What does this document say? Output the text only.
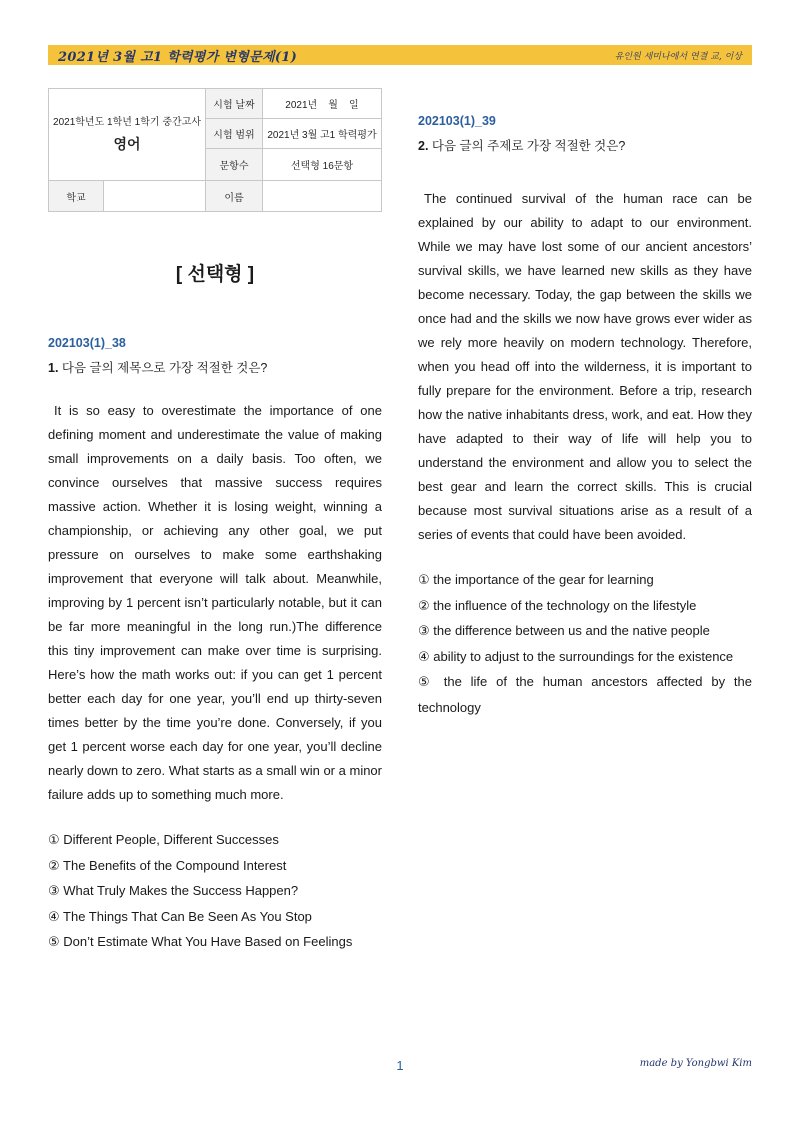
2021년 3월 고1 학력평가 변형문제(1)	유인원 세미나에서 연결 교, 이상
2021학년도 1학년 1학기 중간고사
영어	시험 날짜	2021년    월    일
	시험 범위	2021년 3월 고1 학력평가
	문항수	선택형 16문항

학교	이름	
[ 선택형 ]
202103(1)_38
1. 다음 글의 제목으로 가장 적절한 것은?
It is so easy to overestimate the importance of one defining moment and underestimate the value of making small improvements on a daily basis. Too often, we convince ourselves that massive success requires massive action. Whether it is losing weight, winning a championship, or achieving any other goal, we put pressure on ourselves to make some earthshaking improvement that everyone will talk about. Meanwhile, improving by 1 percent isn’t particularly notable, but it can be far more meaningful in the long run.)The difference this tiny improvement can make over time is surprising. Here’s how the math works out: if you can get 1 percent better each day for one year, you’ll end up thirty-seven times better by the time you’re done. Conversely, if you get 1 percent worse each day for one year, you’ll decline nearly down to zero. What starts as a small win or a minor failure adds up to something much more.
① Different People, Different Successes
② The Benefits of the Compound Interest
③ What Truly Makes the Success Happen?
④ The Things That Can Be Seen As You Stop
⑤ Don’t Estimate What You Have Based on Feelings
202103(1)_39
2. 다음 글의 주제로 가장 적절한 것은?
The continued survival of the human race can be explained by our ability to adapt to our environment. While we may have lost some of our ancient ancestors’ survival skills, we have learned new skills as they have become necessary. Today, the gap between the skills we once had and the skills we now have grows ever wider as we rely more heavily on modern technology. Therefore, when you head off into the wilderness, it is important to fully prepare for the environment. Before a trip, research how the native inhabitants dress, work, and eat. How they have adapted to their way of life will help you to understand the environment and allow you to select the best gear and learn the correct skills. This is crucial because most survival situations arise as a result of a series of events that could have been avoided.
① the importance of the gear for learning
② the influence of the technology on the lifestyle
③ the difference between us and the native people
④ ability to adjust to the surroundings for the existence
⑤ the life of the human ancestors affected by the technology
1	made by Yongbwi Kim
